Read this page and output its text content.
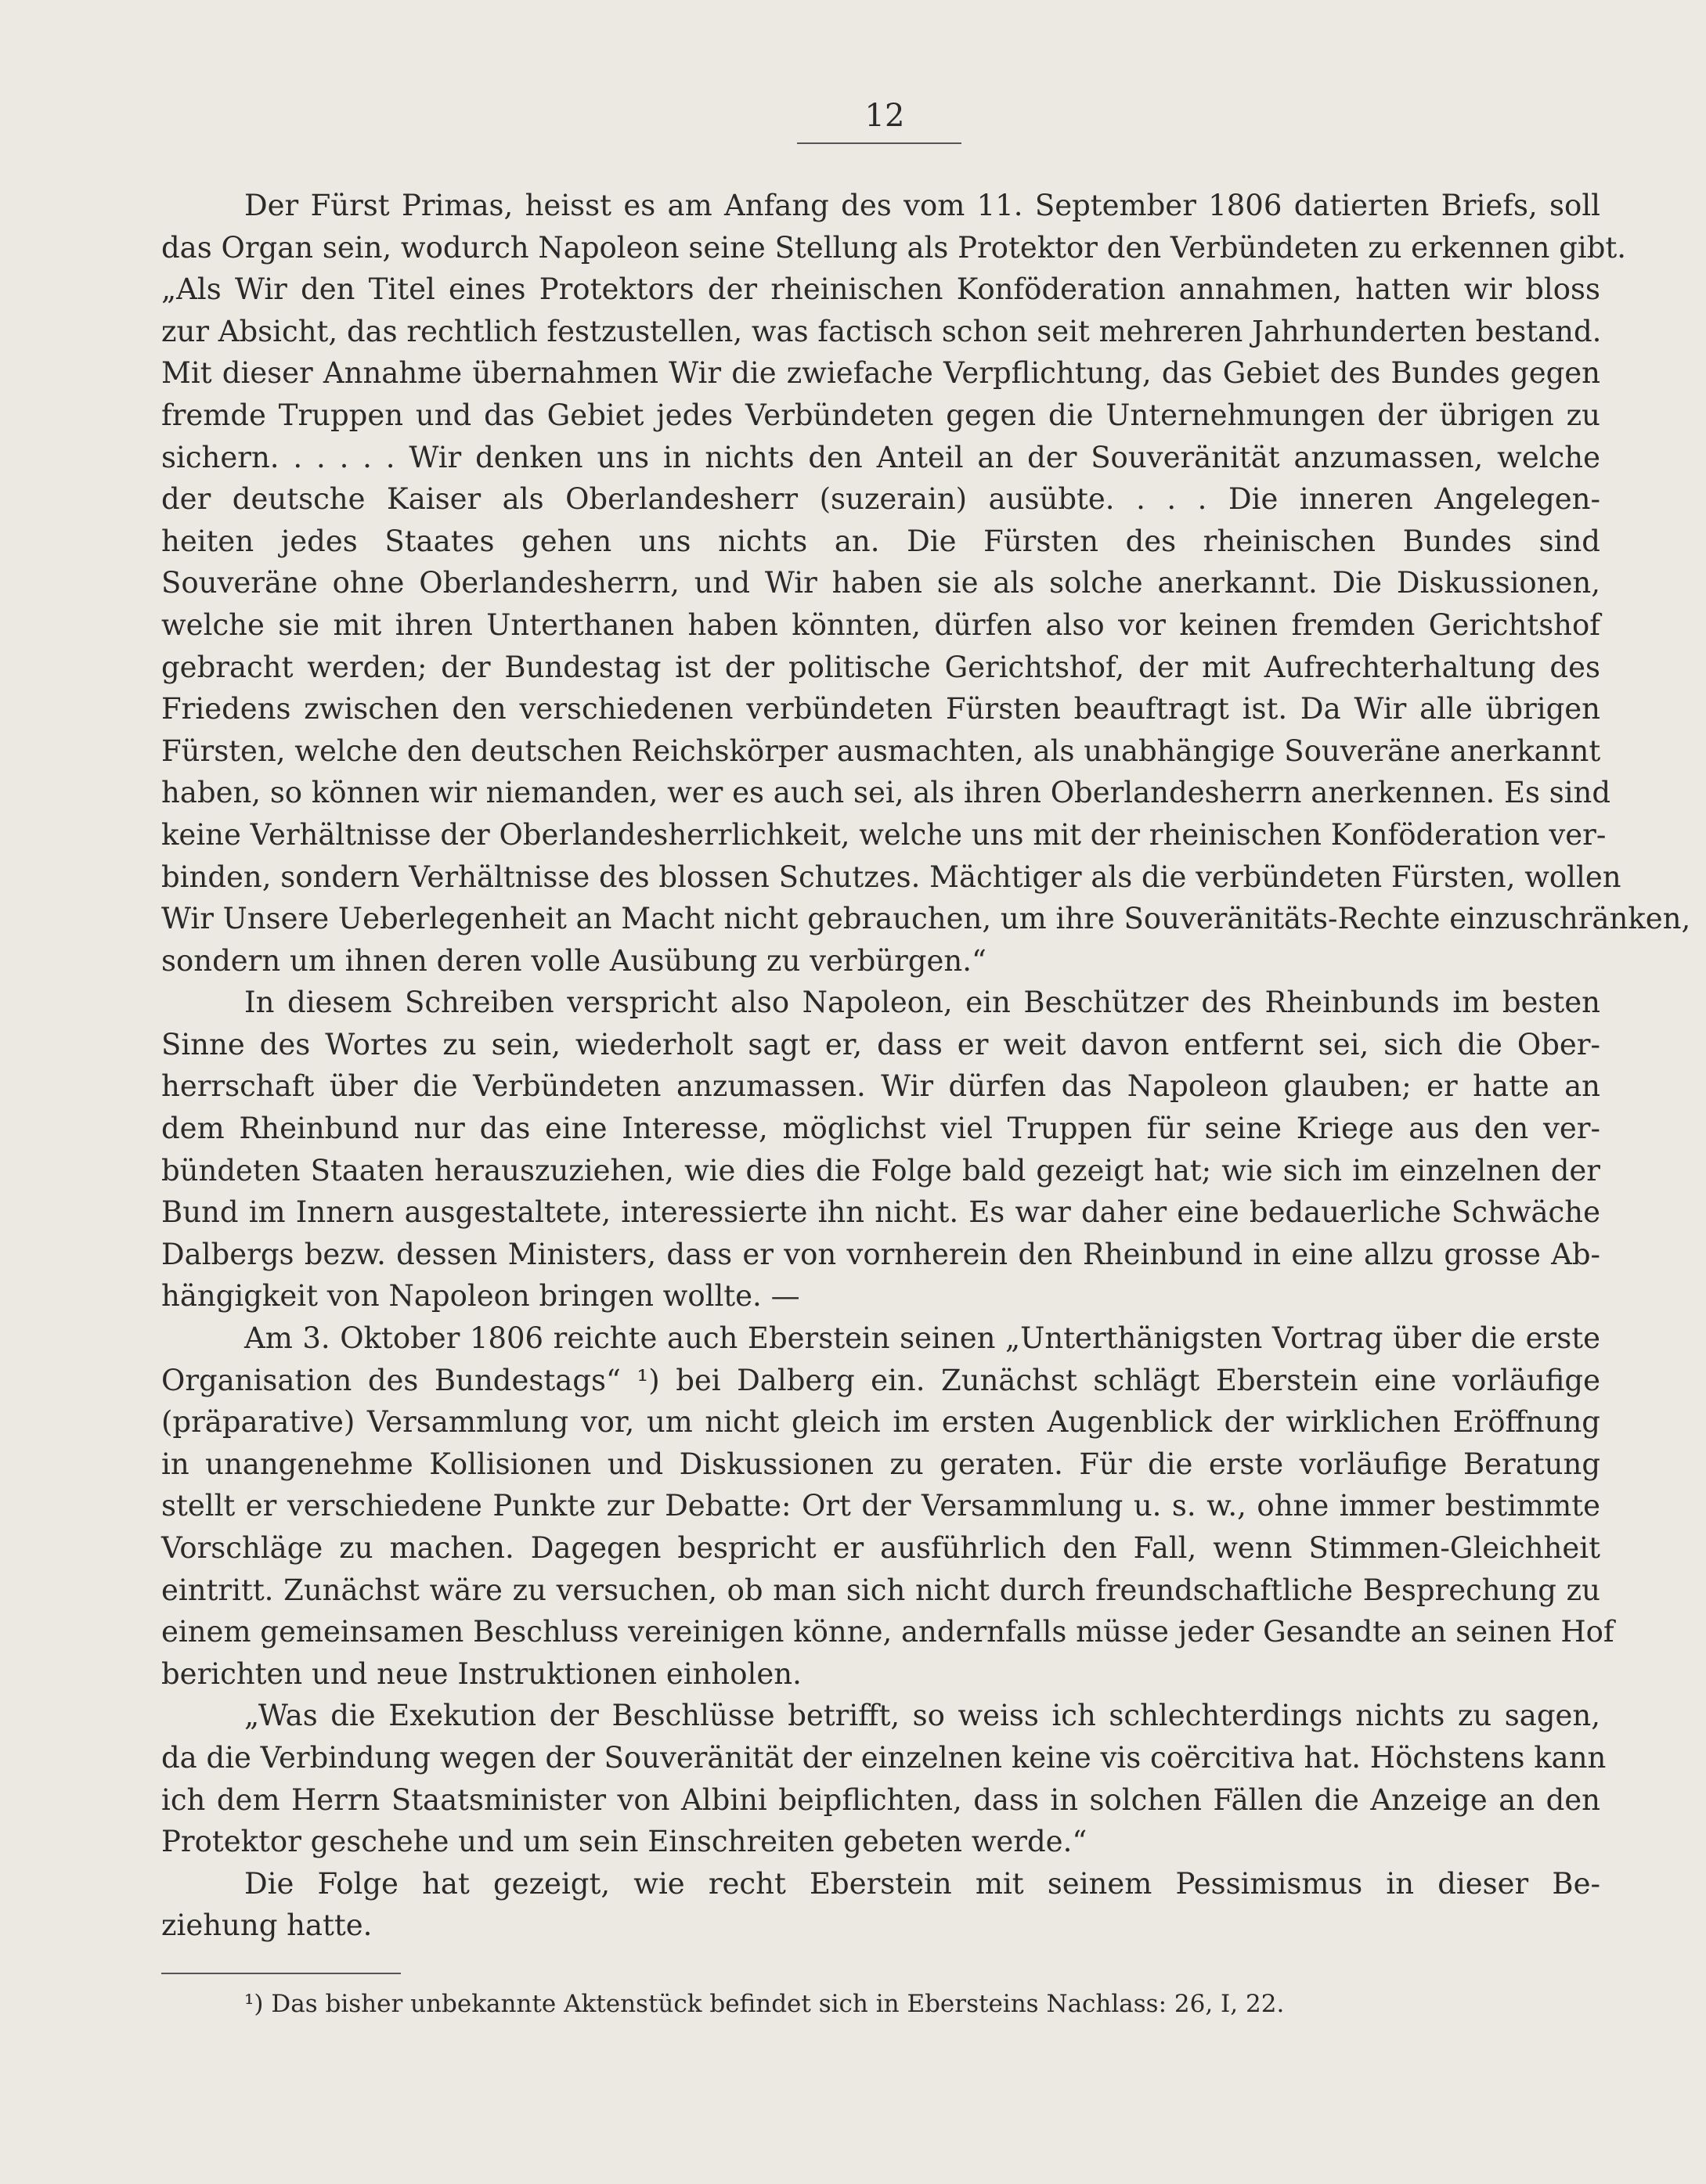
12
Der Fürst Primas, heisst es am Anfang des vom 11. September 1806 datierten Briefs, soll
das Organ sein, wodurch Napoleon seine Stellung als Protektor den Verbündeten zu erkennen gibt.
„Als Wir den Titel eines Protektors der rheinischen Konföderation annahmen, hatten wir bloss
zur Absicht, das rechtlich festzustellen, was factisch schon seit mehreren Jahrhunderten bestand.
Mit dieser Annahme übernahmen Wir die zwiefache Verpflichtung, das Gebiet des Bundes gegen
fremde Truppen und das Gebiet jedes Verbündeten gegen die Unternehmungen der übrigen zu
sichern. . . . . . Wir denken uns in nichts den Anteil an der Souveränität anzumassen, welche
der deutsche Kaiser als Oberlandesherr (suzerain) ausübte. . . . Die inneren Angelegen-
heiten jedes Staates gehen uns nichts an. Die Fürsten des rheinischen Bundes sind
Souveräne ohne Oberlandesherrn, und Wir haben sie als solche anerkannt. Die Diskussionen,
welche sie mit ihren Unterthanen haben könnten, dürfen also vor keinen fremden Gerichtshof
gebracht werden; der Bundestag ist der politische Gerichtshof, der mit Aufrechterhaltung des
Friedens zwischen den verschiedenen verbündeten Fürsten beauftragt ist. Da Wir alle übrigen
Fürsten, welche den deutschen Reichskörper ausmachten, als unabhängige Souveräne anerkannt
haben, so können wir niemanden, wer es auch sei, als ihren Oberlandesherrn anerkennen. Es sind
keine Verhältnisse der Oberlandesherrlichkeit, welche uns mit der rheinischen Konföderation ver-
binden, sondern Verhältnisse des blossen Schutzes. Mächtiger als die verbündeten Fürsten, wollen
Wir Unsere Ueberlegenheit an Macht nicht gebrauchen, um ihre Souveränitäts-Rechte einzuschränken,
sondern um ihnen deren volle Ausübung zu verbürgen.“
In diesem Schreiben verspricht also Napoleon, ein Beschützer des Rheinbunds im besten
Sinne des Wortes zu sein, wiederholt sagt er, dass er weit davon entfernt sei, sich die Ober-
herrschaft über die Verbündeten anzumassen. Wir dürfen das Napoleon glauben; er hatte an
dem Rheinbund nur das eine Interesse, möglichst viel Truppen für seine Kriege aus den ver-
bündeten Staaten herauszuziehen, wie dies die Folge bald gezeigt hat; wie sich im einzelnen der
Bund im Innern ausgestaltete, interessierte ihn nicht. Es war daher eine bedauerliche Schwäche
Dalbergs bezw. dessen Ministers, dass er von vornherein den Rheinbund in eine allzu grosse Ab-
hängigkeit von Napoleon bringen wollte. —
Am 3. Oktober 1806 reichte auch Eberstein seinen „Unterthänigsten Vortrag über die erste
Organisation des Bundestags“ ¹) bei Dalberg ein. Zunächst schlägt Eberstein eine vorläufige
(präparative) Versammlung vor, um nicht gleich im ersten Augenblick der wirklichen Eröffnung
in unangenehme Kollisionen und Diskussionen zu geraten. Für die erste vorläufige Beratung
stellt er verschiedene Punkte zur Debatte: Ort der Versammlung u. s. w., ohne immer bestimmte
Vorschläge zu machen. Dagegen bespricht er ausführlich den Fall, wenn Stimmen-Gleichheit
eintritt. Zunächst wäre zu versuchen, ob man sich nicht durch freundschaftliche Besprechung zu
einem gemeinsamen Beschluss vereinigen könne, andernfalls müsse jeder Gesandte an seinen Hof
berichten und neue Instruktionen einholen.
„Was die Exekution der Beschlüsse betrifft, so weiss ich schlechterdings nichts zu sagen,
da die Verbindung wegen der Souveränität der einzelnen keine vis coërcitiva hat. Höchstens kann
ich dem Herrn Staatsminister von Albini beipflichten, dass in solchen Fällen die Anzeige an den
Protektor geschehe und um sein Einschreiten gebeten werde.“
Die Folge hat gezeigt, wie recht Eberstein mit seinem Pessimismus in dieser Be-
ziehung hatte.
¹) Das bisher unbekannte Aktenstück befindet sich in Ebersteins Nachlass: 26, I, 22.
